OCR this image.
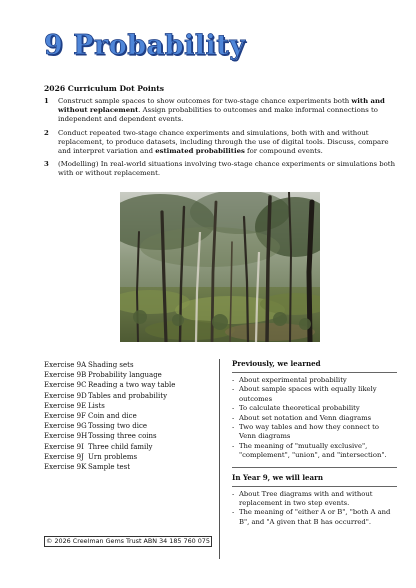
9 Probability
2026 Curriculum Dot Points
1	Construct sample spaces to show outcomes for two-stage chance experiments both with and without replacement. Assign probabilities to outcomes and make informal connections to independent and dependent events.
2	Conduct repeated two-stage chance experiments and simulations, both with and without replacement, to produce datasets, including through the use of digital tools. Discuss, compare and interpret variation and estimated probabilities for compound events.
3	(Modelling) In real-world situations involving two-stage chance experiments or simulations both with or without replacement.
Exercise 9A Shading sets
Exercise 9B Probability language
Exercise 9C Reading a two way table
Exercise 9D Tables and probability
Exercise 9E Lists
Exercise 9F Coin and dice
Exercise 9G Tossing two dice
Exercise 9H Tossing three coins
Exercise 9I Three child family
Exercise 9J Urn problems
Exercise 9K Sample test
Previously, we learned
- About experimental probability
- About sample spaces with equally likely outcomes
- To calculate theoretical probability
- About set notation and Venn diagrams
- Two way tables and how they connect to Venn diagrams
- The meaning of "mutually exclusive", "complement", "union", and "intersection".
In Year 9, we will learn
- About Tree diagrams with and without replacement in two step events.
- The meaning of "either A or B", "both A and B", and "A given that B has occurred".
© 2026 Creelman Gems Trust ABN 34 185 760 075
